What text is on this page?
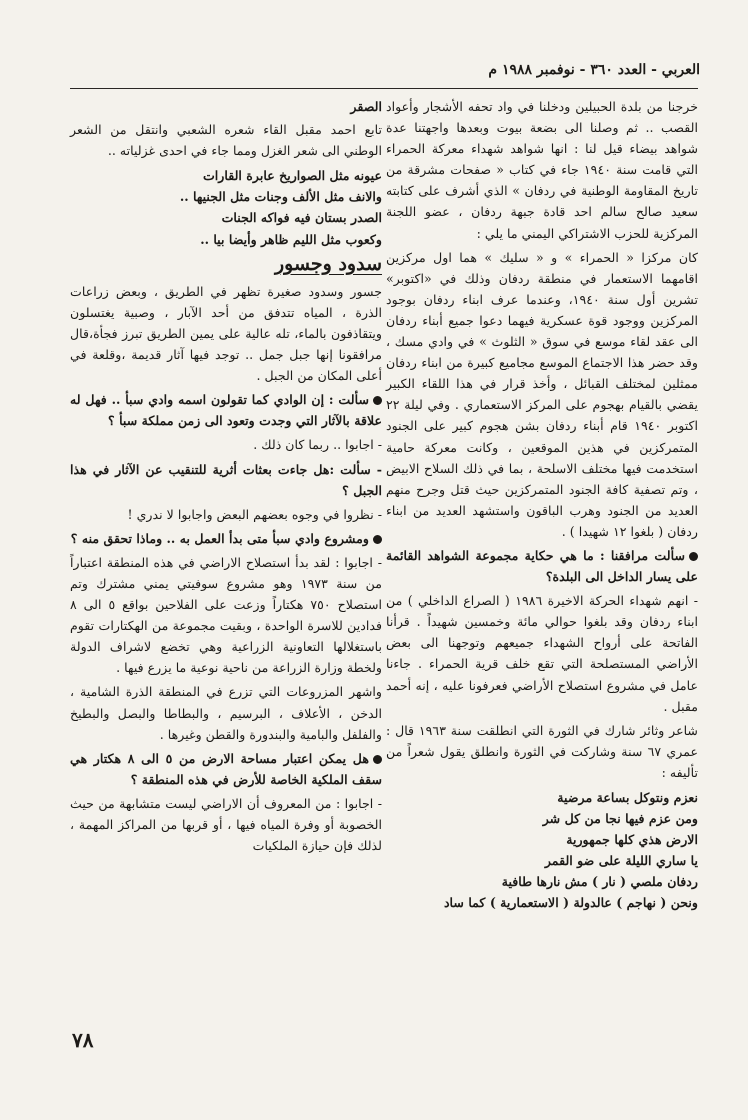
العربي - العدد ٣٦٠ - نوفمبر ١٩٨٨ م

خرجنا من بلدة الحبيلين ودخلنا في واد تحفه الأشجار وأعواد القصب .. ثم وصلنا الى بضعة بيوت وبعدها واجهتنا عدة شواهد بيضاء قيل لنا : انها شواهد شهداء معركة الحمراء التي قامت سنة ١٩٤٠ جاء في كتاب « صفحات مشرقة من تاريخ المقاومة الوطنية في ردفان » الذي أشرف على كتابته سعيد صالح سالم احد قادة جبهة ردفان ، عضو اللجنة المركزية للحزب الاشتراكي اليمني ما يلي :

كان مركزا « الحمراء » و « سليك » هما اول مركزين اقامهما الاستعمار في منطقة ردفان وذلك في «اكتوبر» تشرين أول سنة ١٩٤٠، وعندما عرف ابناء ردفان بوجود المركزين ووجود قوة عسكرية فيهما دعوا جميع أبناء ردفان الى عقد لقاء موسع في سوق « الثلوث » في وادي مسك ، وقد حضر هذا الاجتماع الموسع مجاميع كبيرة من ابناء ردفان ممثلين لمختلف القبائل ، وأخذ قرار في هذا اللقاء الكبير يقضي بالقيام بهجوم على المركز الاستعماري . وفي ليلة ٢٢ اكتوبر ١٩٤٠ قام أبناء ردفان بشن هجوم كبير على الجنود المتمركزين في هذين الموقعين ، وكانت معركة حامية استخدمت فيها مختلف الاسلحة ، بما في ذلك السلاح الابيض ، وتم تصفية كافة الجنود المتمركزين حيث قتل وجرح منهم العديد من الجنود وهرب الباقون واستشهد العديد من ابناء ردفان ( بلغوا ١٢ شهيدا ) .

سألت مرافقنا : ما هي حكاية مجموعة الشواهد القائمة على يسار الداخل الى البلدة؟

- انهم شهداء الحركة الاخيرة ١٩٨٦ ( الصراع الداخلي ) من ابناء ردفان وقد بلغوا حوالي مائة وخمسين شهيداً . قرأنا الفاتحة على أرواح الشهداء جميعهم وتوجهنا الى بعض الأراضي المستصلحة التي تقع خلف قرية الحمراء . جاءنا عامل في مشروع استصلاح الأراضي فعرفونا عليه ، إنه أحمد مقبل .

شاعر وثائر شارك في الثورة التي انطلقت سنة ١٩٦٣ قال : عمري ٦٧ سنة وشاركت في الثورة وانطلق يقول شعراً من تأليفه :

نعزم ونتوكل بساعة مرضية
ومن عزم فيها نجا من كل شر
الارض هذي كلها جمهورية
يا ساري الليلة على ضو القمر
ردفان ملصي ( نار ) مش نارها طافية
ونحن ( نهاجم ) عالدولة ( الاستعمارية ) كما ساد
الصقر

تابع احمد مقبل القاء شعره الشعبي وانتقل من الشعر الوطني الى شعر الغزل ومما جاء في احدى غزلياته ..

عيونه مثل الصواريخ عابرة القارات
والانف مثل الألف وجنات مثل الجنيها ..
الصدر بستان فيه فواكه الجنات
وكعوب مثل الليم ظاهر وأيضا بيا ..
سدود وجسور

جسور وسدود صغيرة تظهر في الطريق ، وبعض زراعات الذرة ، المياه تتدفق من أحد الآبار ، وصبية يغتسلون ويتقاذفون بالماء، تله عالية على يمين الطريق تبرز فجأة،قال مرافقونا إنها جبل جمل .. توجد فيها آثار قديمة ،وقلعة في أعلى المكان من الجبل .

سألت : إن الوادي كما تقولون اسمه وادي سبأ .. فهل له علاقة بالآثار التي وجدت وتعود الى زمن مملكة سبأ ؟

- اجابوا .. ربما كان ذلك .

- سألت :هل جاءت بعثات أثرية للتنقيب عن الآثار في هذا الجبل ؟

- نظروا في وجوه بعضهم البعض واجابوا لا ندري !

ومشروع وادي سبأ متى بدأ العمل به .. وماذا تحقق منه ؟

- اجابوا : لقد بدأ استصلاح الاراضي في هذه المنطقة اعتباراً من سنة ١٩٧٣ وهو مشروع سوفيتي يمني مشترك وتم استصلاح ٧٥٠ هكتاراً وزعت على الفلاحين بواقع ٥ الى ٨ فدادين للاسرة الواحدة ، وبقيت مجموعة من الهكتارات تقوم باستغلالها التعاونية الزراعية وهي تخضع لاشراف الدولة ولخطة وزارة الزراعة من ناحية نوعية ما يزرع فيها .

واشهر المزروعات التي تزرع في المنطقة الذرة الشامية ، الدخن ، الأعلاف ، البرسيم ، والبطاطا والبصل والبطيخ والفلفل والبامية والبندورة والقطن وغيرها .

هل يمكن اعتبار مساحة الارض من ٥ الى ٨ هكتار هي سقف الملكية الخاصة للأرض في هذه المنطقة ؟

- اجابوا : من المعروف أن الاراضي ليست متشابهة من حيث الخصوبة أو وفرة المياه فيها ، أو قربها من المراكز المهمة ، لذلك فإن حيازة الملكيات

٧٨
